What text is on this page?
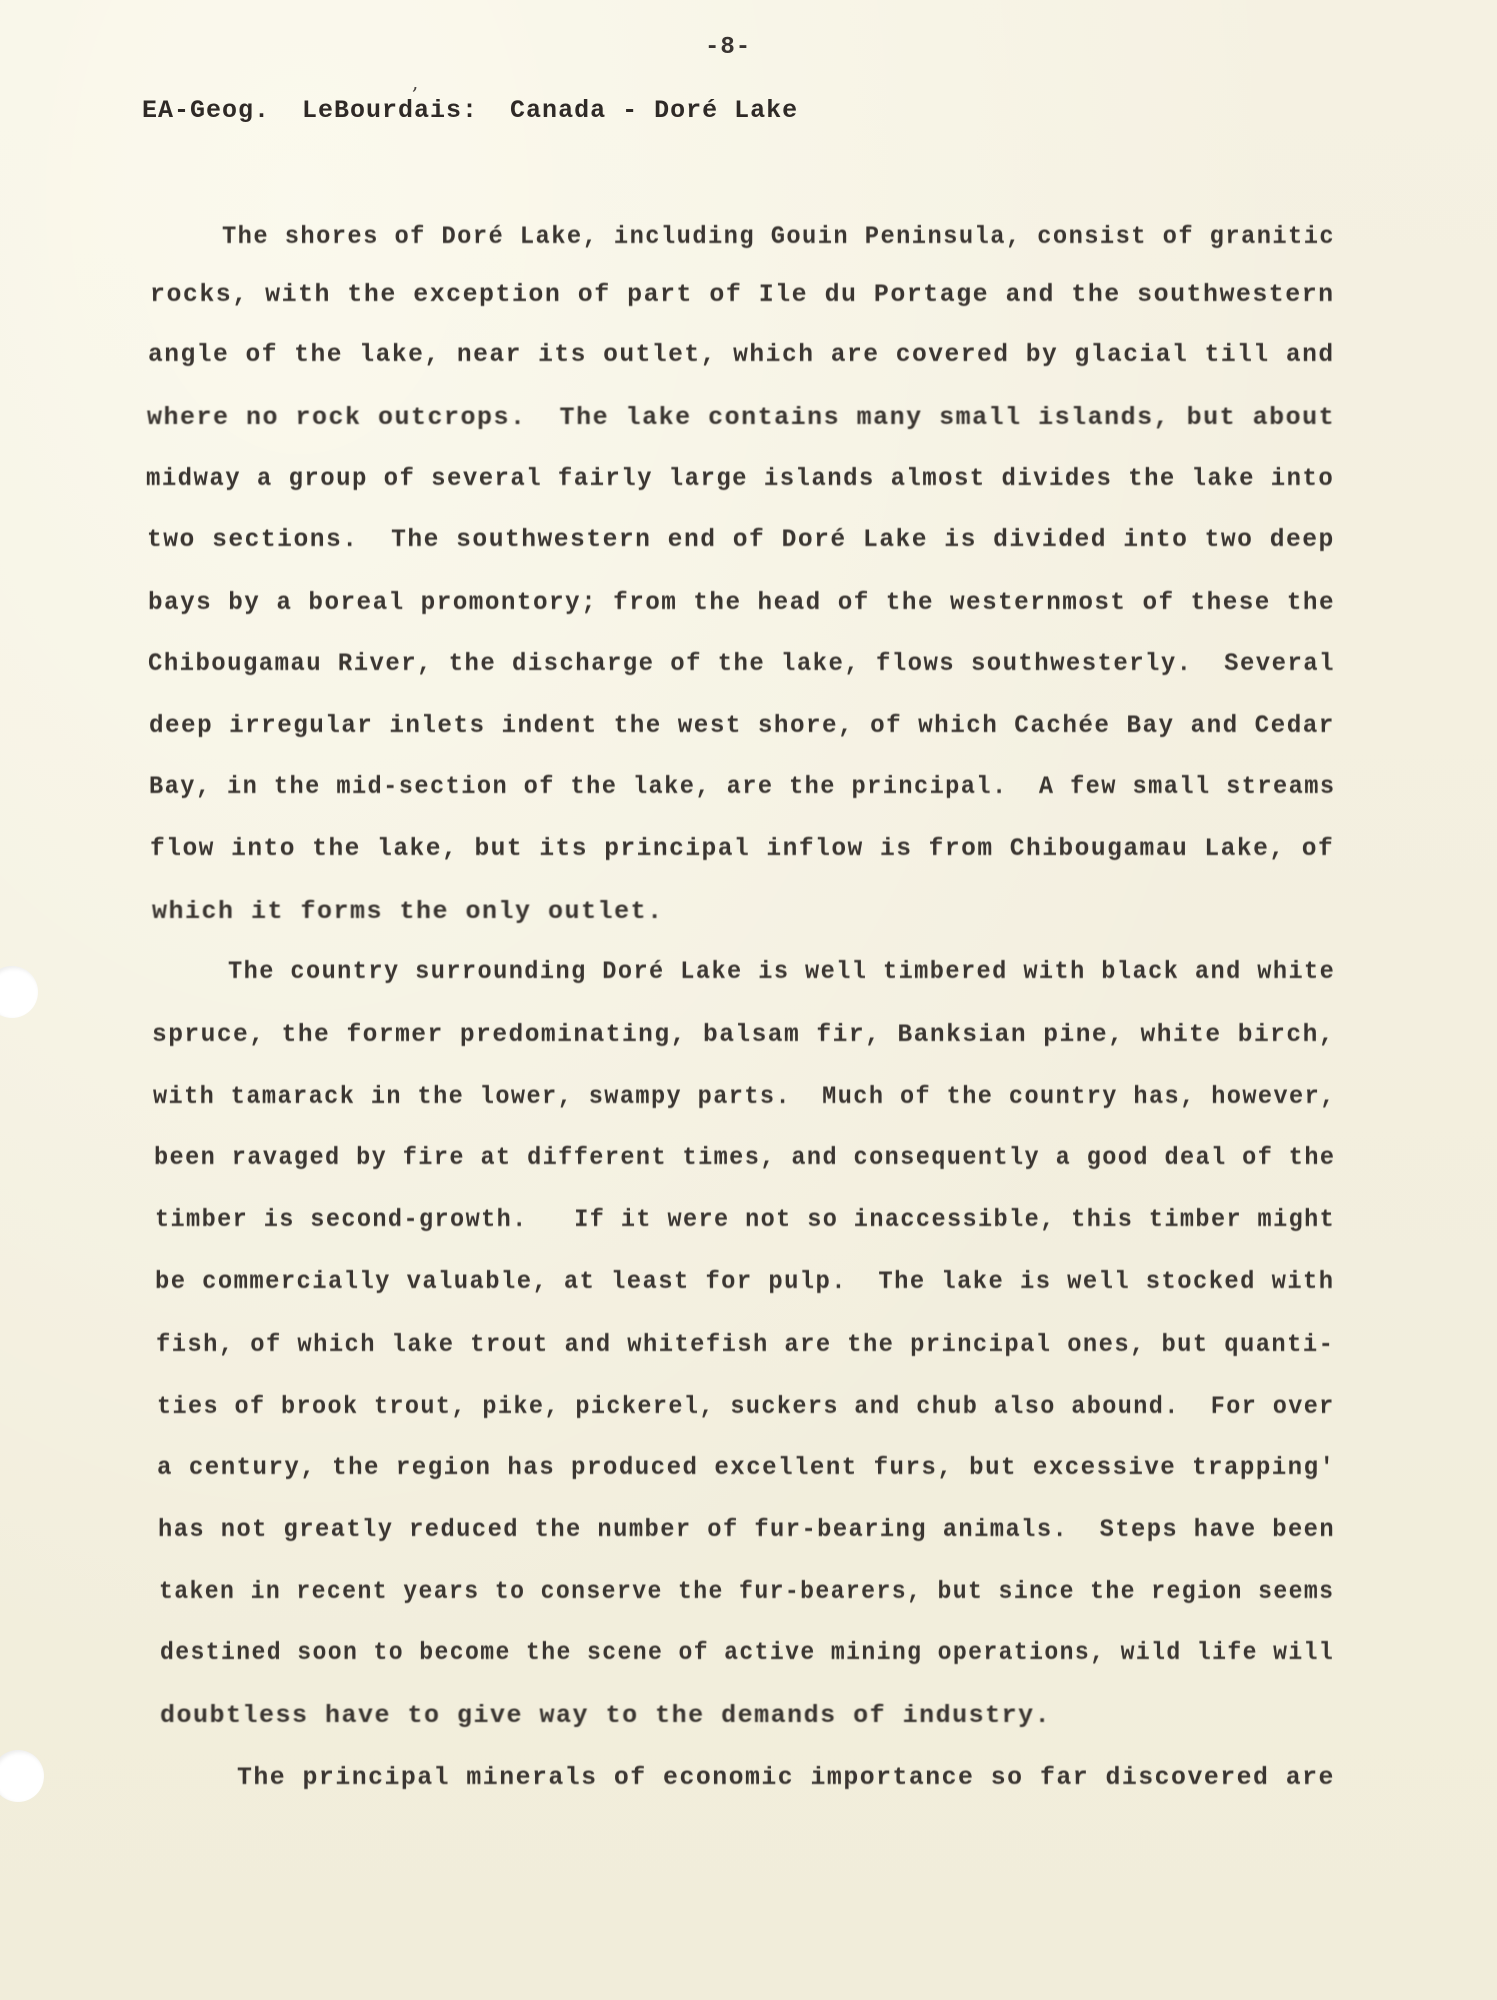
,
-8-
EA-Geog.  LeBourdais:  Canada - Doré Lake
The shores of Doré Lake, including Gouin Peninsula, consist of granitic
rocks, with the exception of part of Ile du Portage and the southwestern
angle of the lake, near its outlet, which are covered by glacial till and
where no rock outcrops.  The lake contains many small islands, but about
midway a group of several fairly large islands almost divides the lake into
two sections.  The southwestern end of Doré Lake is divided into two deep
bays by a boreal promontory; from the head of the westernmost of these the
Chibougamau River, the discharge of the lake, flows southwesterly.  Several
deep irregular inlets indent the west shore, of which Cachée Bay and Cedar
Bay, in the mid-section of the lake, are the principal.  A few small streams
flow into the lake, but its principal inflow is from Chibougamau Lake, of
which it forms the only outlet.
The country surrounding Doré Lake is well timbered with black and white
spruce, the former predominating, balsam fir, Banksian pine, white birch,
with tamarack in the lower, swampy parts.  Much of the country has, however,
been ravaged by fire at different times, and consequently a good deal of the
timber is second-growth.   If it were not so inaccessible, this timber might
be commercially valuable, at least for pulp.  The lake is well stocked with
fish, of which lake trout and whitefish are the principal ones, but quanti-
ties of brook trout, pike, pickerel, suckers and chub also abound.  For over
a century, the region has produced excellent furs, but excessive trapping'
has not greatly reduced the number of fur-bearing animals.  Steps have been
taken in recent years to conserve the fur-bearers, but since the region seems
destined soon to become the scene of active mining operations, wild life will
doubtless have to give way to the demands of industry.
The principal minerals of economic importance so far discovered are
